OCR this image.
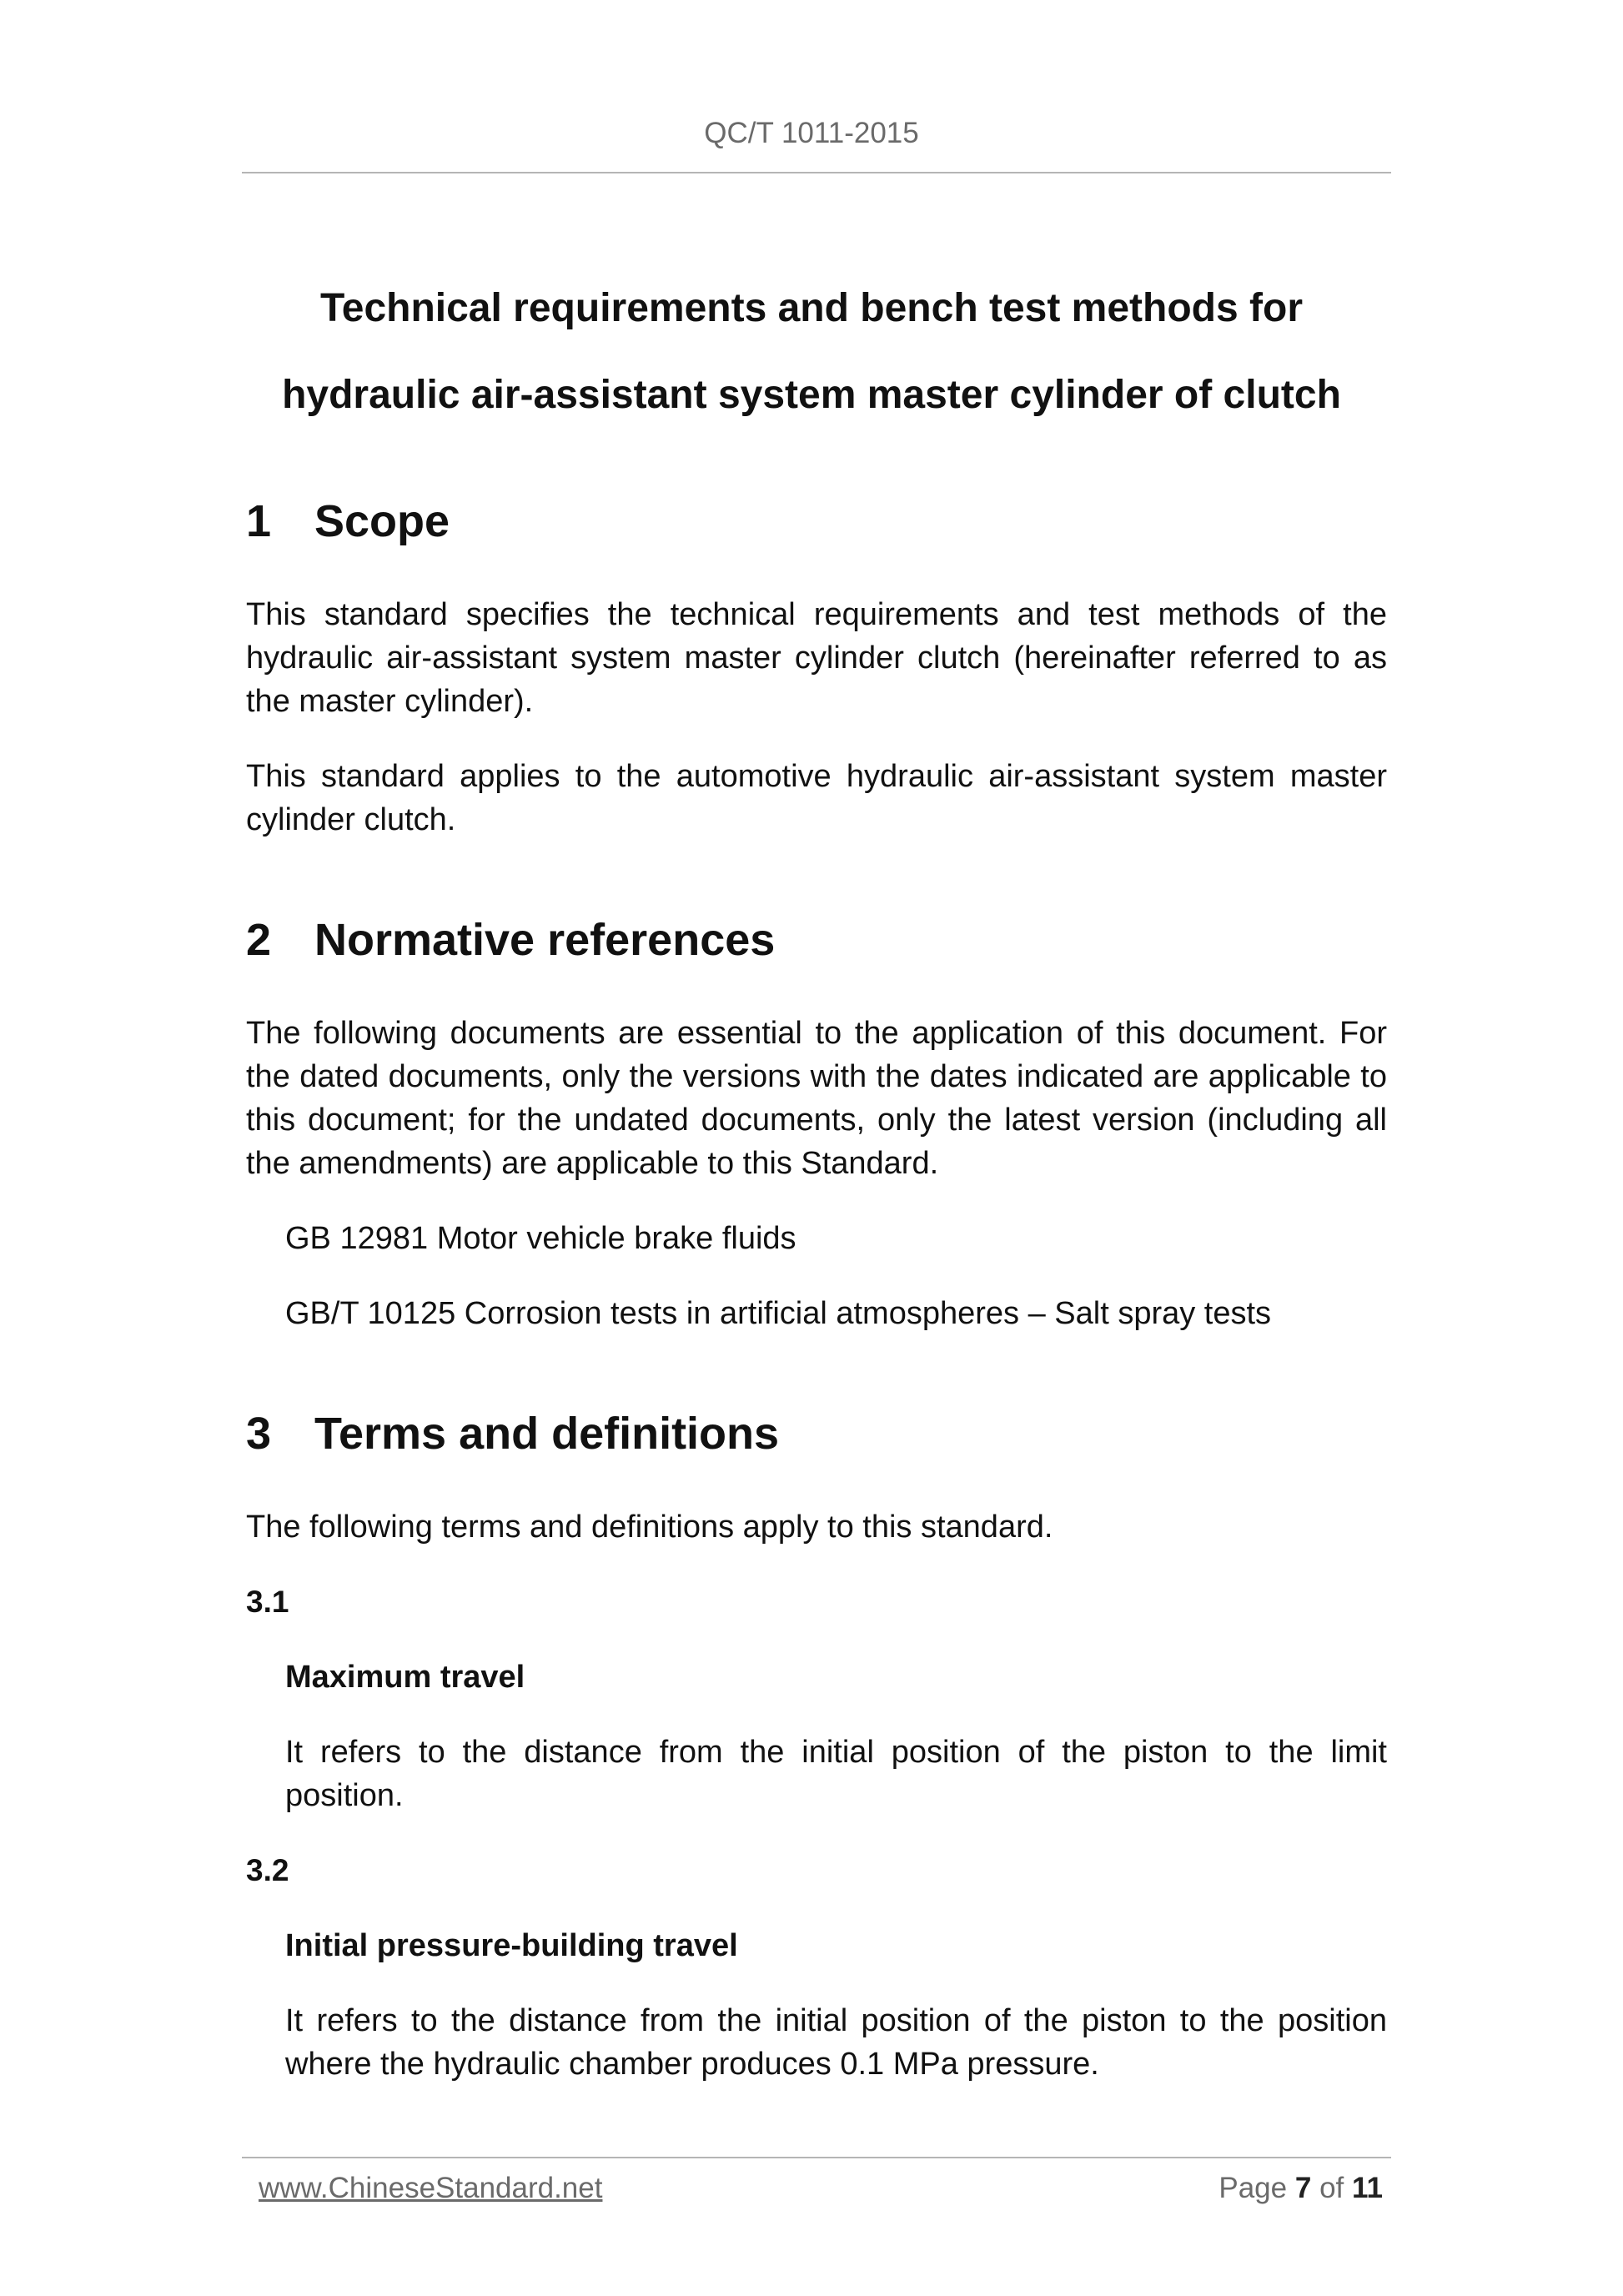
QC/T 1011-2015
Technical requirements and bench test methods for
hydraulic air-assistant system master cylinder of clutch
1 Scope

This standard specifies the technical requirements and test methods of the hydraulic air-assistant system master cylinder clutch (hereinafter referred to as the master cylinder).

This standard applies to the automotive hydraulic air-assistant system master cylinder clutch.

2 Normative references

The following documents are essential to the application of this document. For the dated documents, only the versions with the dates indicated are applicable to this document; for the undated documents, only the latest version (including all the amendments) are applicable to this Standard.

GB 12981 Motor vehicle brake fluids

GB/T 10125 Corrosion tests in artificial atmospheres – Salt spray tests

3 Terms and definitions

The following terms and definitions apply to this standard.

3.1

Maximum travel

It refers to the distance from the initial position of the piston to the limit position.

3.2

Initial pressure-building travel

It refers to the distance from the initial position of the piston to the position where the hydraulic chamber produces 0.1 MPa pressure.

www.ChineseStandard.net	Page 7 of 11
